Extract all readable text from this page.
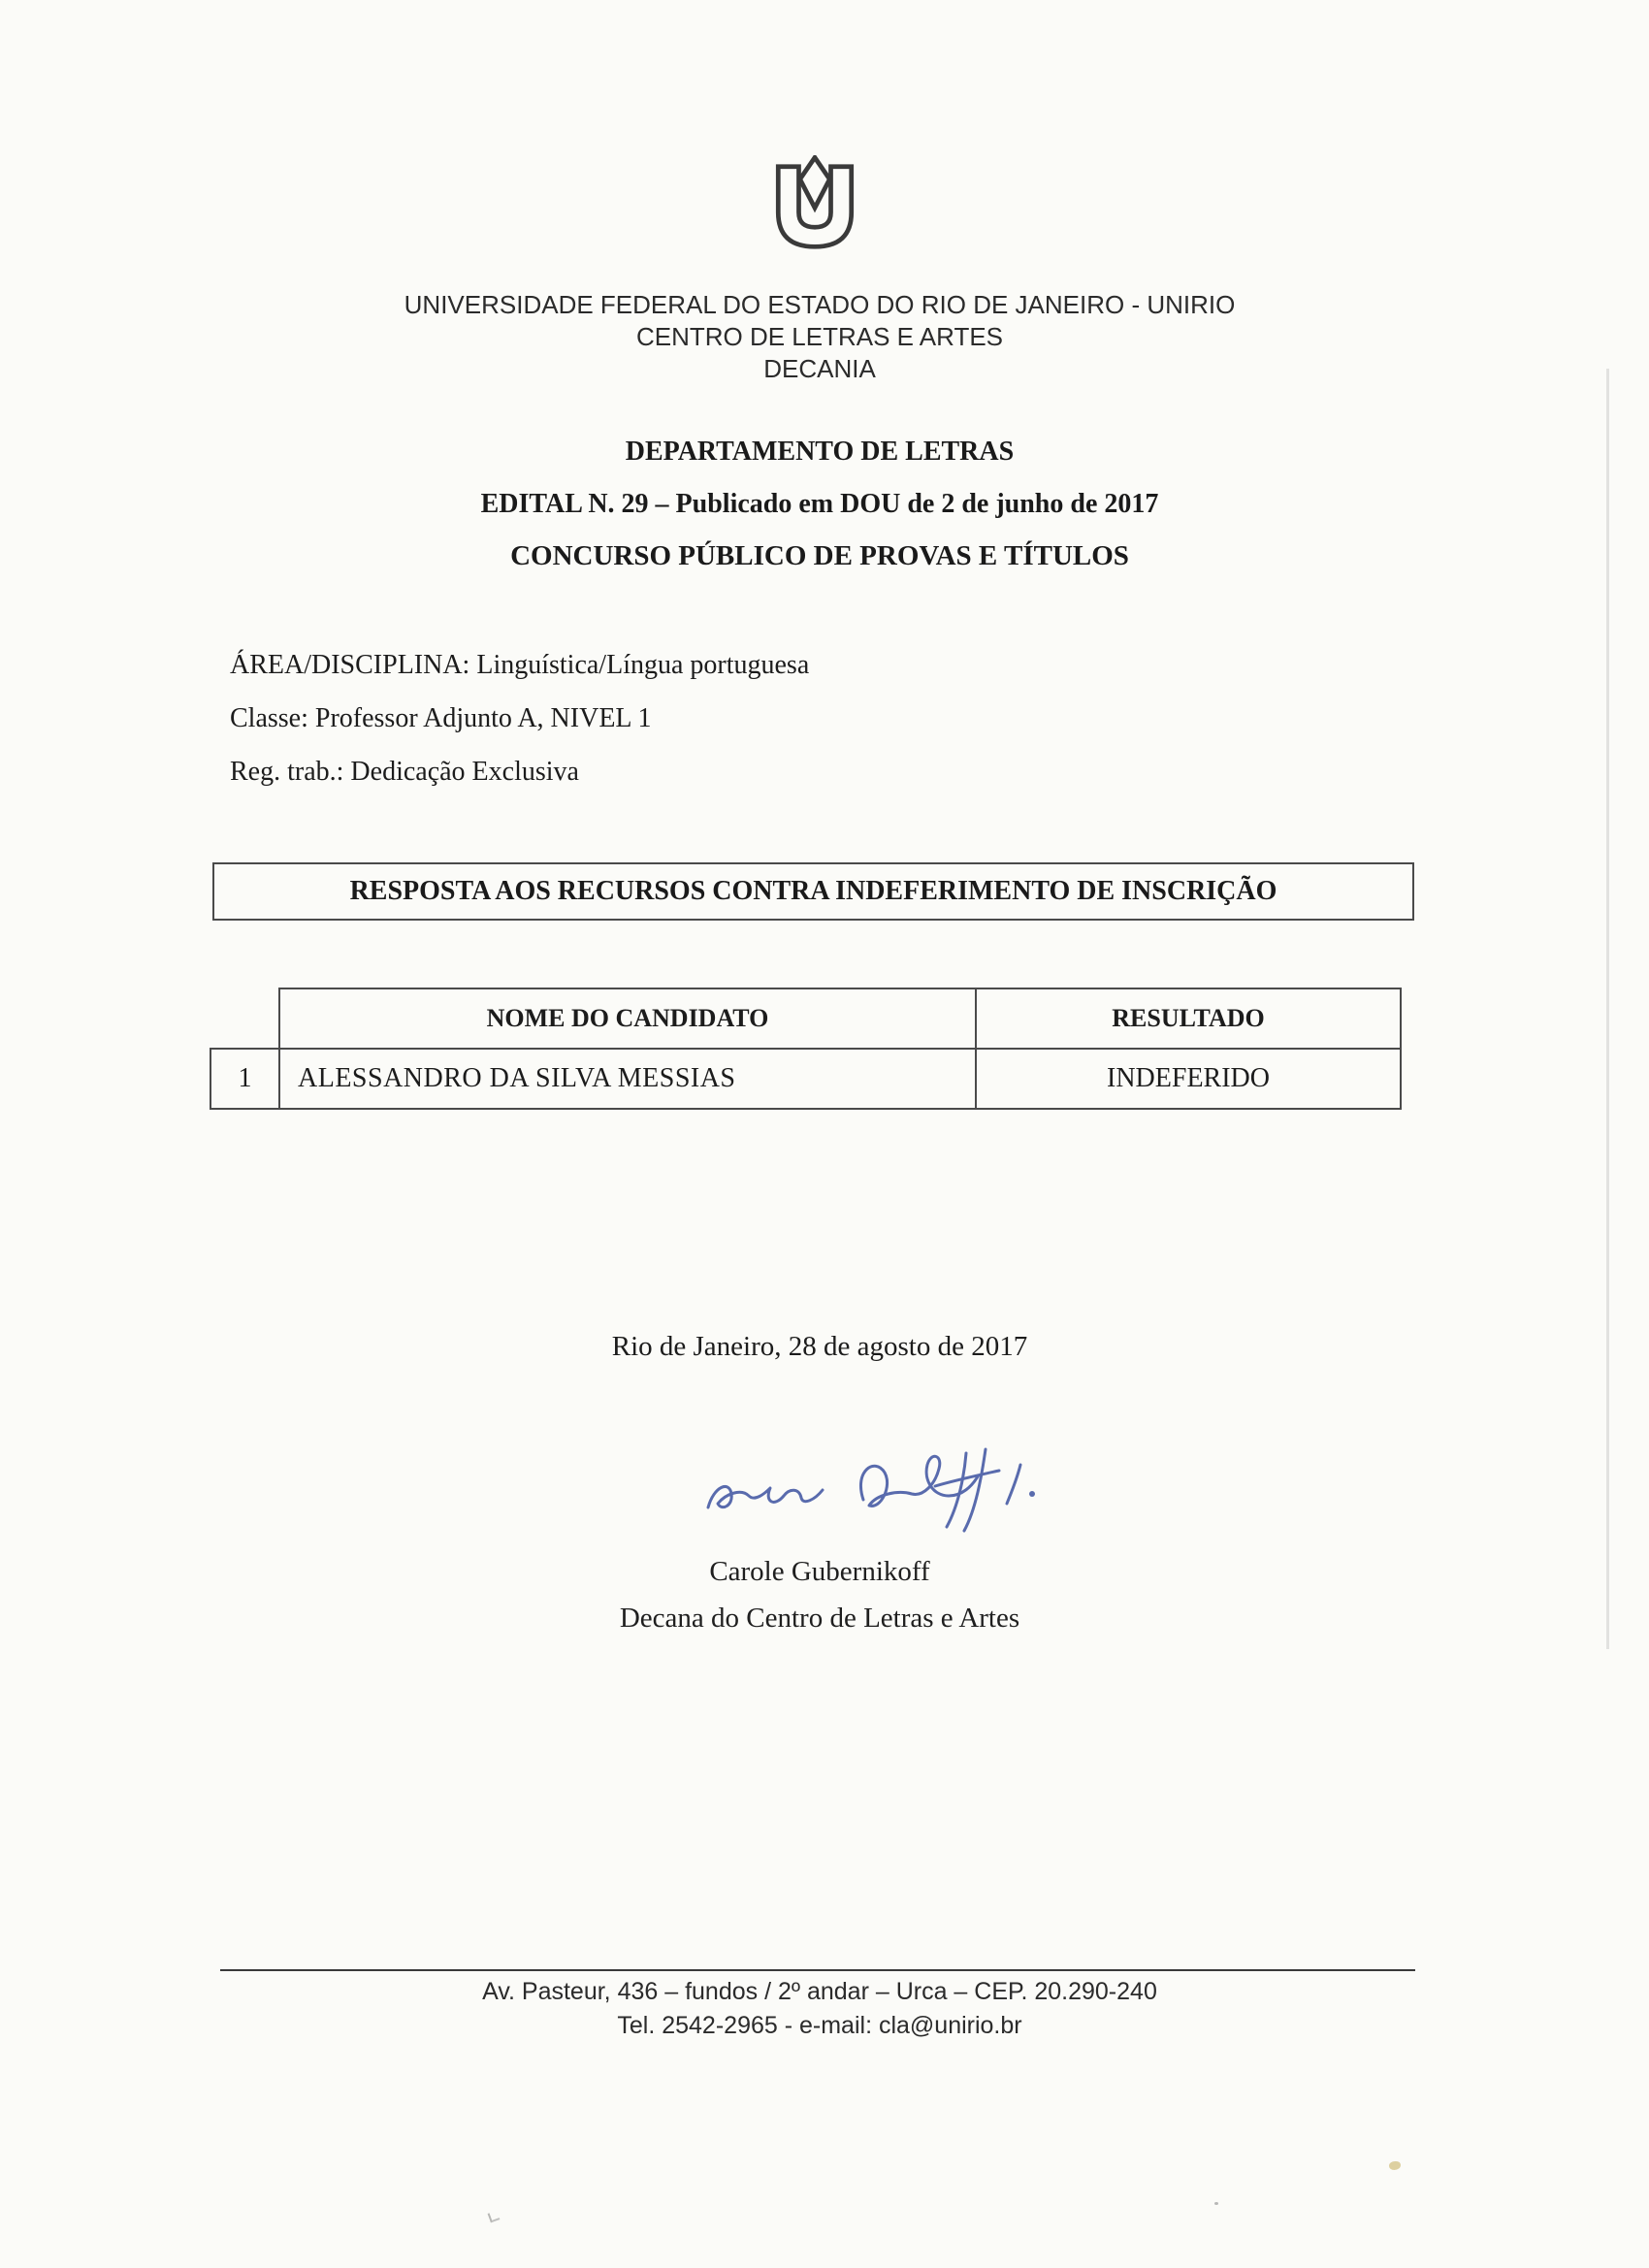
UNIVERSIDADE FEDERAL DO ESTADO DO RIO DE JANEIRO - UNIRIO
CENTRO DE LETRAS E ARTES
DECANIA
DEPARTAMENTO DE LETRAS
EDITAL N. 29 – Publicado em DOU de 2 de junho de 2017
CONCURSO PÚBLICO DE PROVAS E TÍTULOS
ÁREA/DISCIPLINA: Linguística/Língua portuguesa
Classe: Professor Adjunto A, NIVEL 1
Reg. trab.: Dedicação Exclusiva
RESPOSTA AOS RECURSOS CONTRA INDEFERIMENTO DE INSCRIÇÃO
	NOME DO CANDIDATO	RESULTADO
1	ALESSANDRO DA SILVA MESSIAS	INDEFERIDO
Rio de Janeiro, 28 de agosto de 2017
Carole Gubernikoff
Decana do Centro de Letras e Artes
Av. Pasteur, 436 – fundos / 2º andar – Urca – CEP. 20.290-240
Tel. 2542-2965 - e-mail: cla@unirio.br
